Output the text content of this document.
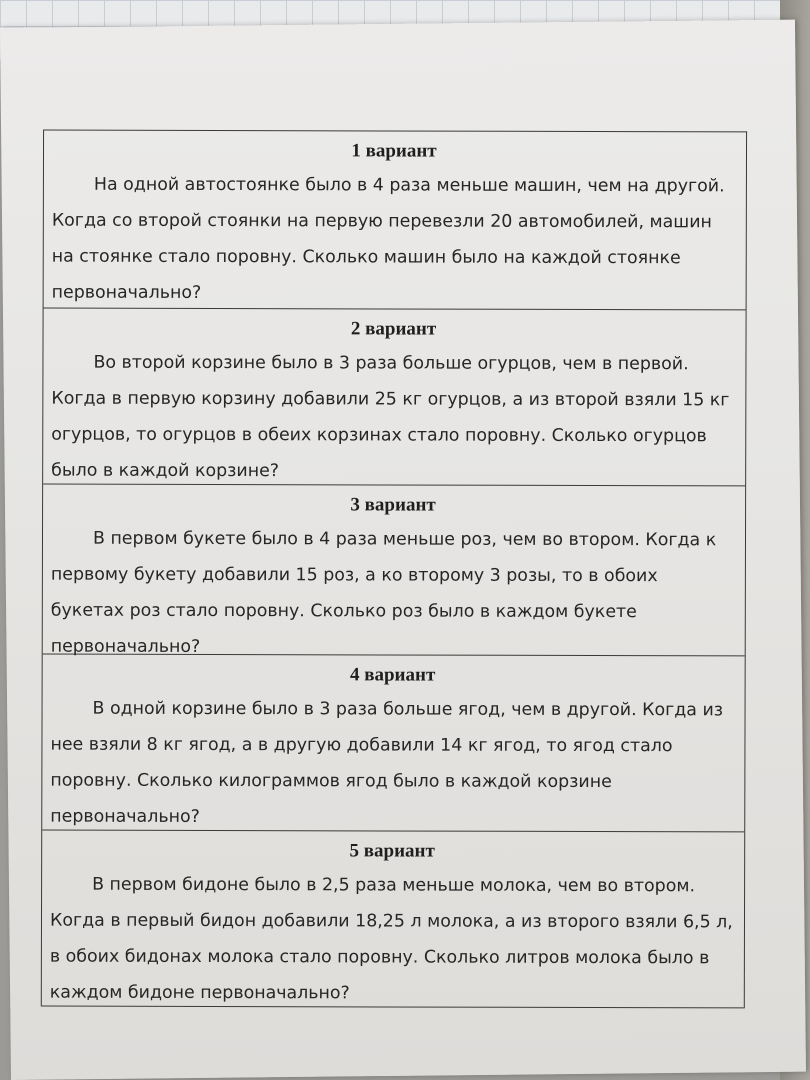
1 вариант

На одной автостоянке было в 4 раза меньше машин, чем на другой. Когда со второй стоянки на первую перевезли 20 автомобилей, машин на стоянке стало поровну. Сколько машин было на каждой стоянке первоначально?

2 вариант

Во второй корзине было в 3 раза больше огурцов, чем в первой. Когда в первую корзину добавили 25 кг огурцов, а из второй взяли 15 кг огурцов, то огурцов в обеих корзинах стало поровну. Сколько огурцов было в каждой корзине?

3 вариант

В первом букете было в 4 раза меньше роз, чем во втором. Когда к первому букету добавили 15 роз, а ко второму 3 розы, то в обоих букетах роз стало поровну. Сколько роз было в каждом букете первоначально?

4 вариант

В одной корзине было в 3 раза больше ягод, чем в другой. Когда из нее взяли 8 кг ягод, а в другую добавили 14 кг ягод, то ягод стало поровну. Сколько килограммов ягод было в каждой корзине первоначально?

5 вариант

В первом бидоне было в 2,5 раза меньше молока, чем во втором. Когда в первый бидон добавили 18,25 л молока, а из второго взяли 6,5 л, в обоих бидонах молока стало поровну. Сколько литров молока было в каждом бидоне первоначально?
